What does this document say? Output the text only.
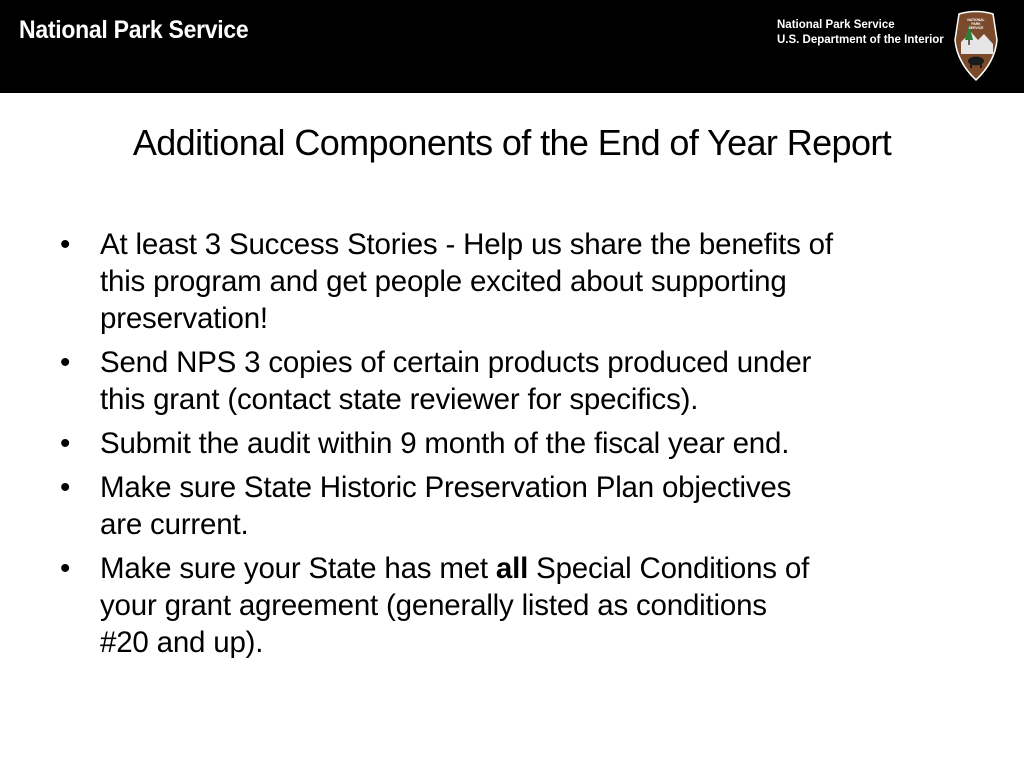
National Park Service	National Park Service
U.S. Department of the Interior
NATIONAL
PARK
SERVICE
Additional Components of the End of Year Report
• At least 3 Success Stories - Help us share the benefits of
this program and get people excited about supporting
preservation!
• Send NPS 3 copies of certain products produced under
this grant (contact state reviewer for specifics).
• Submit the audit within 9 month of the fiscal year end.
• Make sure State Historic Preservation Plan objectives
are current.
• Make sure your State has met all Special Conditions of
your grant agreement (generally listed as conditions
#20 and up).
